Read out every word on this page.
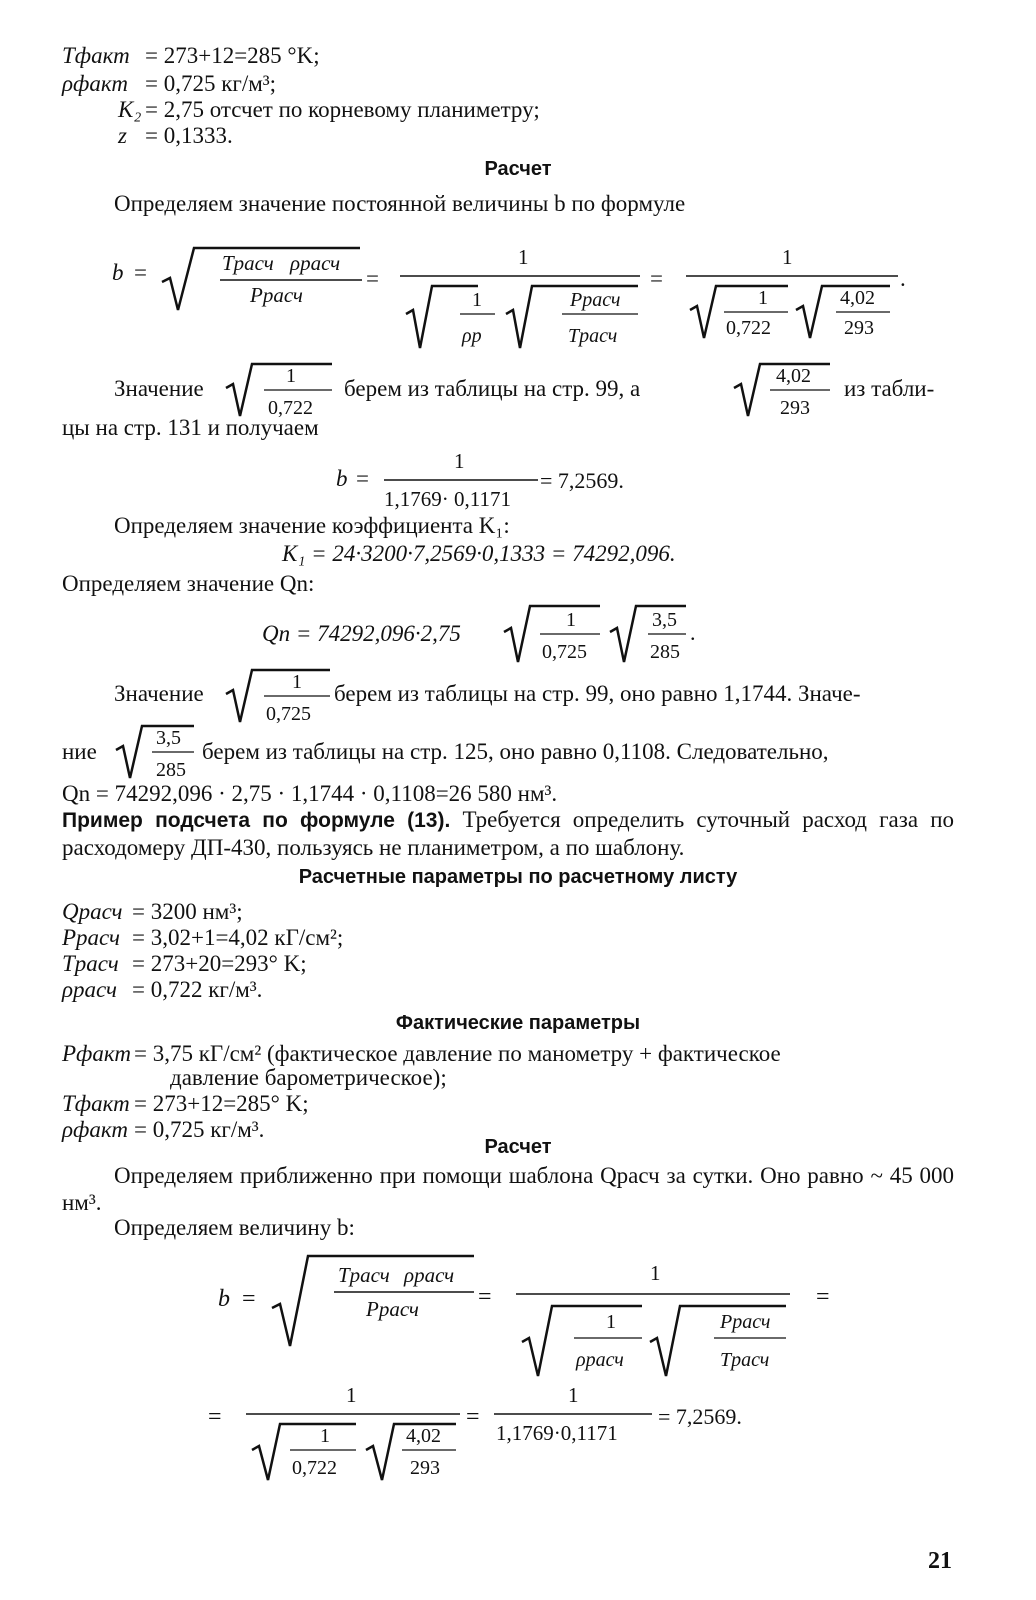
Tфакт = 273+12=285 °K;
ρфакт = 0,725 кг/м³;
K₂ = 2,75 отсчет по корневому планиметру;
z = 0,1333.
Расчет
Определяем значение постоянной величины b по формуле
b =	Tрасч ρрасч
Pрасч
=
1
1
ρp
Pрасч
Tрасч
=
1
1
0,722
4,02
293
.
Значение	1
0,722
берем из таблицы на стр. 99, а	4,02
293
из табли-
цы на стр. 131 и получаем
b =
1
1,1769· 0,1171
= 7,2569.
Определяем значение коэффициента K₁:
K₁ = 24·3200·7,2569·0,1333 = 74292,096.
Определяем значение Qn:
Qn = 74292,096·2,75
1
0,725
3,5
285
.
Значение	1
0,725
берем из таблицы на стр. 99, оно равно 1,1744. Значе-
ние
3,5
285
берем из таблицы на стр. 125, оно равно 0,1108. Следовательно,
Qn = 74292,096 · 2,75 · 1,1744 · 0,1108=26 580 нм³.
Пример подсчета по формуле (13). Требуется определить суточный расход газа по расходомеру ДП-430, пользуясь не планиметром, а по шаблону.
Расчетные параметры по расчетному листу
Qрасч = 3200 нм³;
Pрасч = 3,02+1=4,02 кГ/см²;
Tрасч = 273+20=293° K;
ρрасч = 0,722 кг/м³.
Фактические параметры
Pфакт = 3,75 кГ/см² (фактическое давление по манометру + фактическое
давление барометрическое);
Tфакт = 273+12=285° K;
ρфакт = 0,725 кг/м³.
Расчет
Определяем приближенно при помощи шаблона Qрасч за сутки. Оно равно ~ 45 000 нм³.
Определяем величину b:
b =
Tрасч ρрасч
Pрасч =
1
1
ρрасч
Pрасч
Tрасч
=
=
1
1
0,722
4,02
293
=
1
1,1769·0,1171
= 7,2569.
21
